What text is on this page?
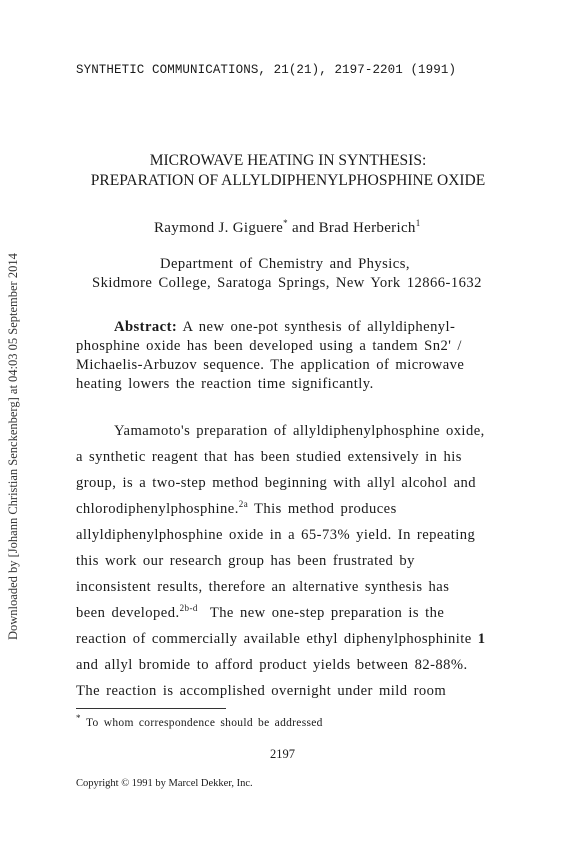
SYNTHETIC COMMUNICATIONS, 21(21), 2197-2201 (1991)
Downloaded by [Johann Christian Senckenberg] at 04:03 05 September 2014
MICROWAVE HEATING IN SYNTHESIS:
PREPARATION OF ALLYLDIPHENYLPHOSPHINE OXIDE
Raymond J. Giguere* and Brad Herberich$^1$
Department of Chemistry and Physics,
Skidmore College, Saratoga Springs, New York 12866-1632
Abstract: A new one-pot synthesis of allyldiphenyl-
phosphine oxide has been developed using a tandem Sn2' /
Michaelis-Arbuzov sequence. The application of microwave
heating lowers the reaction time significantly.
Yamamoto's preparation of allyldiphenylphosphine oxide,
a synthetic reagent that has been studied extensively in his
group, is a two-step method beginning with allyl alcohol and
chlorodiphenylphosphine.$^{2a}$ This method produces
allyldiphenylphosphine oxide in a 65-73% yield. In repeating
this work our research group has been frustrated by
inconsistent results, therefore an alternative synthesis has
been developed.$^{2b-d}$  The new one-step preparation is the
reaction of commercially available ethyl diphenylphosphinite 1
and allyl bromide to afford product yields between 82-88%.
The reaction is accomplished overnight under mild room
* To whom correspondence should be addressed
2197
Copyright © 1991 by Marcel Dekker, Inc.
